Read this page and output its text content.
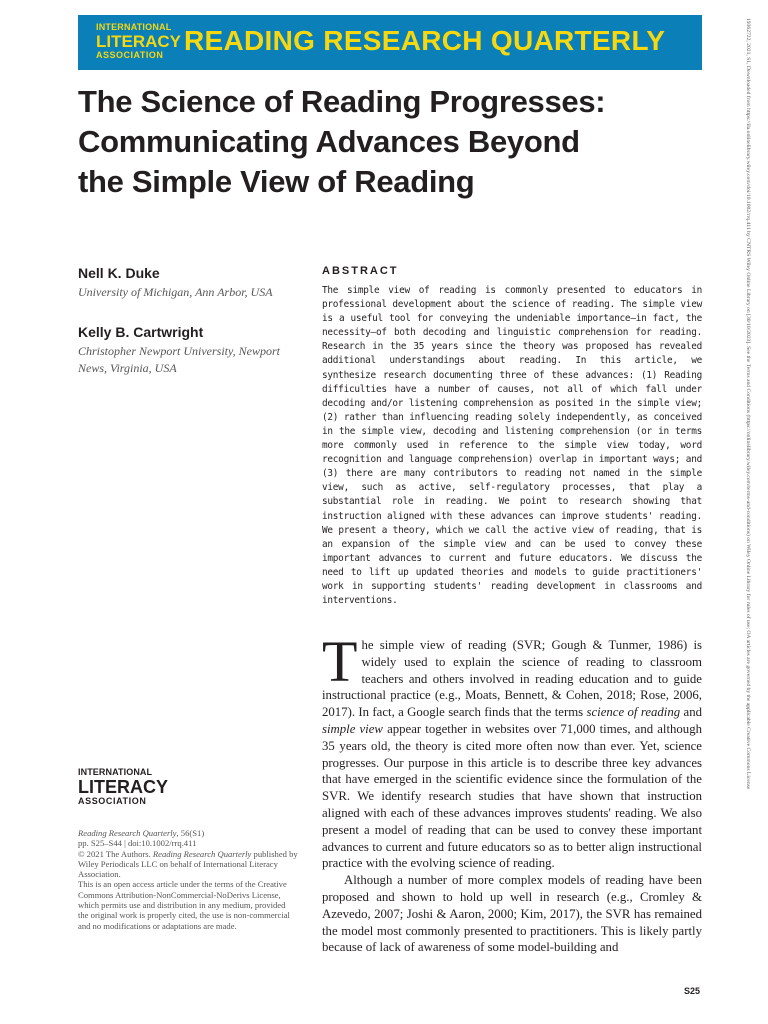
INTERNATIONAL
LITERACY
ASSOCIATION READING RESEARCH QUARTERLY
The Science of Reading Progresses:
Communicating Advances Beyond
the Simple View of Reading
Nell K. Duke
University of Michigan, Ann Arbor, USA
Kelly B. Cartwright
Christopher Newport University, Newport News, Virginia, USA
ABSTRACT
The simple view of reading is commonly presented to educators in professional development about the science of reading. The simple view is a useful tool for conveying the undeniable importance—in fact, the necessity—of both decoding and linguistic comprehension for reading. Research in the 35 years since the theory was proposed has revealed additional understandings about reading. In this article, we synthesize research documenting three of these advances: (1) Reading difficulties have a number of causes, not all of which fall under decoding and/or listening comprehension as posited in the simple view; (2) rather than influencing reading solely independently, as conceived in the simple view, decoding and listening comprehension (or in terms more commonly used in reference to the simple view today, word recognition and language comprehension) overlap in important ways; and (3) there are many contributors to reading not named in the simple view, such as active, self-regulatory processes, that play a substantial role in reading. We point to research showing that instruction aligned with these advances can improve students' reading. We present a theory, which we call the active view of reading, that is an expansion of the simple view and can be used to convey these important advances to current and future educators. We discuss the need to lift up updated theories and models to guide practitioners' work in supporting students' reading development in classrooms and interventions.
INTERNATIONAL
LITERACY
ASSOCIATION

Reading Research Quarterly, 56(S1)

pp. S25–S44 | doi:10.1002/rrq.411

© 2021 The Authors. Reading Research Quarterly published by Wiley Periodicals LLC on behalf of International Literacy Association.

This is an open access article under the terms of the Creative Commons Attribution-NonCommercial-NoDerivs License, which permits use and distribution in any medium, provided the original work is properly cited, the use is non-commercial and no modifications or adaptations are made.

The simple view of reading (SVR; Gough & Tunmer, 1986) is widely used to explain the science of reading to classroom teachers and others involved in reading education and to guide instructional practice (e.g., Moats, Bennett, & Cohen, 2018; Rose, 2006, 2017). In fact, a Google search finds that the terms science of reading and simple view appear together in websites over 71,000 times, and although 35 years old, the theory is cited more often now than ever. Yet, science progresses. Our purpose in this article is to describe three key advances that have emerged in the scientific evidence since the formulation of the SVR. We identify research studies that have shown that instruction aligned with each of these advances improves students' reading. We also present a model of reading that can be used to convey these important advances to current and future educators so as to better align instructional practice with the evolving science of reading.

Although a number of more complex models of reading have been proposed and shown to hold up well in research (e.g., Cromley & Azevedo, 2007; Joshi & Aaron, 2000; Kim, 2017), the SVR has remained the model most commonly presented to practitioners. This is likely partly because of lack of awareness of some model-building and

S25
19362722, 2021, S1, Downloaded from https://ila.onlinelibrary.wiley.com/doi/10.1002/rrq.411 by CNTRS Wiley Online Library on [30/10/2023]. See the Terms and Conditions (https://onlinelibrary.wiley.com/terms-and-conditions) on Wiley Online Library for rules of use; OA articles are governed by the applicable Creative Commons License
